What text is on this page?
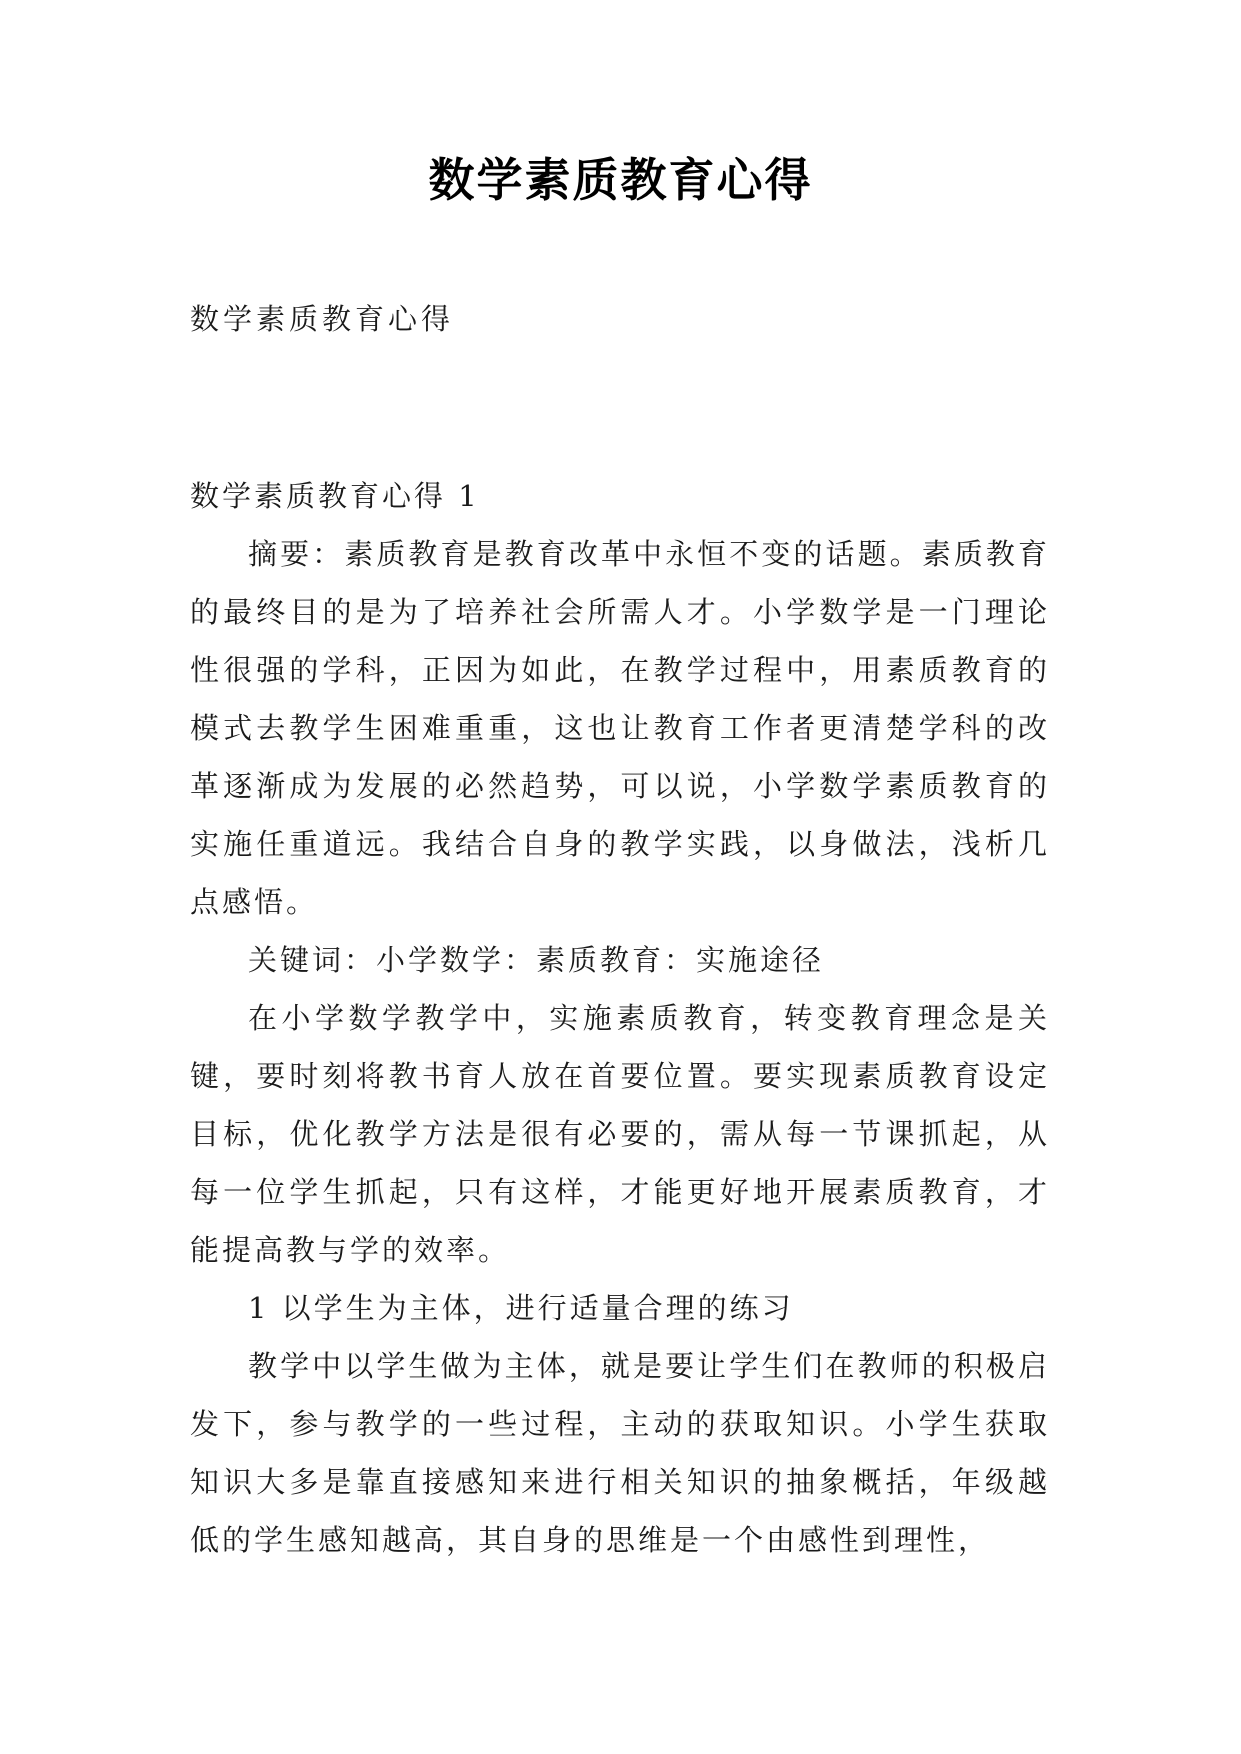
数学素质教育心得

数学素质教育心得

数学素质教育心得 1

摘要：素质教育是教育改革中永恒不变的话题。素质教育的最终目的是为了培养社会所需人才。小学数学是一门理论性很强的学科，正因为如此，在教学过程中，用素质教育的模式去教学生困难重重，这也让教育工作者更清楚学科的改革逐渐成为发展的必然趋势，可以说，小学数学素质教育的实施任重道远。我结合自身的教学实践，以身做法，浅析几点感悟。

关键词：小学数学：素质教育：实施途径

在小学数学教学中，实施素质教育，转变教育理念是关键，要时刻将教书育人放在首要位置。要实现素质教育设定目标，优化教学方法是很有必要的，需从每一节课抓起，从每一位学生抓起，只有这样，才能更好地开展素质教育，才能提高教与学的效率。

1 以学生为主体，进行适量合理的练习

教学中以学生做为主体，就是要让学生们在教师的积极启发下，参与教学的一些过程，主动的获取知识。小学生获取知识大多是靠直接感知来进行相关知识的抽象概括，年级越低的学生感知越高，其自身的思维是一个由感性到理性，
